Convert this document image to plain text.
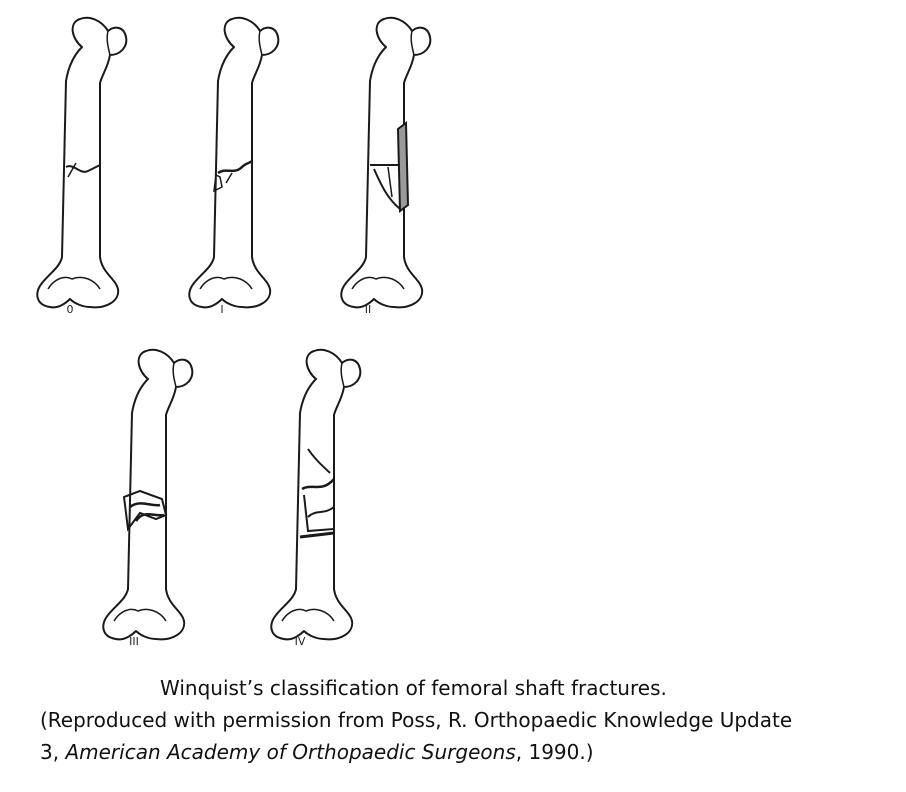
0	I	II
III	IV
Winquist’s classification of femoral shaft fractures.
(Reproduced with permission from Poss, R. Orthopaedic Knowledge Update
3, American Academy of Orthopaedic Surgeons, 1990.)
